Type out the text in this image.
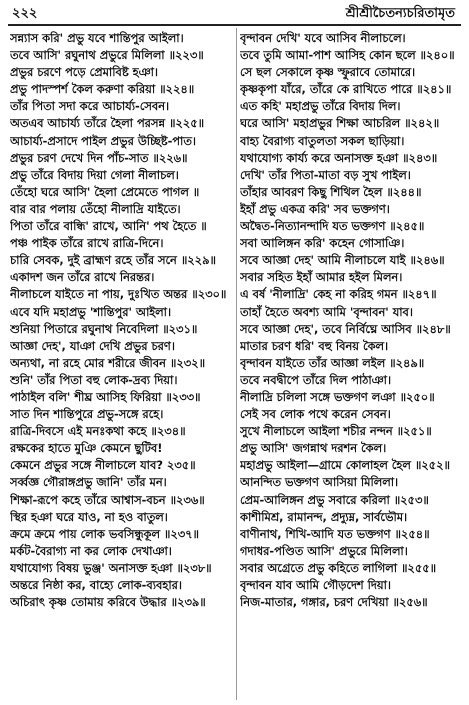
২২২	শ্রীশ্রীচৈতন্যচরিতামৃত
সন্ন্যাস করি' প্রভু যবে শান্তিপুর আইলা।
তবে আসি' রঘুনাথ প্রভুরে মিলিলা ॥২২৩॥
প্রভুর চরণে পড়ে প্রেমাবিষ্ট হঞা।
প্রভু পাদস্পর্শ কৈল করুণা করিয়া ॥২২৪॥
তাঁর পিতা সদা করে আচার্য্য-সেবন।
অতএব আচার্য্য তাঁরে হৈলা পরসন্ন ॥২২৫॥
আচার্য্য-প্রসাদে পাইল প্রভুর উচ্ছিষ্ট-পাত।
প্রভুর চরণ দেখে দিন পাঁচ-সাত ॥২২৬॥
প্রভু তাঁরে বিদায় দিয়া গেলা নীলাচল।
তেঁহো ঘরে আসি' হৈলা প্রেমেতে পাগল ॥
বার বার পলায় তেঁহো নীলাদ্রি যাইতে।
পিতা তাঁরে বান্ধি' রাখে, আনি' পথ হৈতে ॥
পঞ্চ পাইক তাঁরে রাখে রাত্রি-দিনে।
চারি সেবক, দুই ব্রাহ্মণ রহে তাঁর সনে ॥২২৯॥
একাদশ জন তাঁরে রাখে নিরন্তর।
নীলাচলে যাইতে না পায়, দুঃখিত অন্তর ॥২৩০॥
এবে যদি মহাপ্রভু 'শান্তিপুর' আইলা।
শুনিয়া পিতারে রঘুনাথ নিবেদিলা ॥২৩১॥
আজ্ঞা দেহ', যাঞা দেখি প্রভুর চরণ।
অন্যথা, না রহে মোর শরীরে জীবন ॥২৩২॥
শুনি' তাঁর পিতা বহু লোক-দ্রব্য দিয়া।
পাঠাইল বলি' শীঘ্র আসিহ ফিরিয়া ॥২৩৩॥
সাত দিন শান্তিপুরে প্রভু-সঙ্গে রহে।
রাত্রি-দিবসে এই মনঃকথা কহে ॥২৩৪॥
রক্ষকের হাতে মুঞি কেমনে ছুটিব!
কেমনে প্রভুর সঙ্গে নীলাচলে যাব? ২৩৫॥
সর্ব্বজ্ঞ গৌরাঙ্গপ্রভু জানি' তাঁর মন।
শিক্ষা-রূপে কহে তাঁরে আশ্বাস-বচন ॥২৩৬॥
স্থির হঞা ঘরে যাও, না হও বাতুল।
ক্রমে ক্রমে পায় লোক ভবসিন্ধুকূল ॥২৩৭॥
মর্কট-বৈরাগ্য না কর লোক দেখাঞা।
যথাযোগ্য বিষয় ভুঞ্জ' অনাসক্ত হঞা ॥২৩৮॥
অন্তরে নিষ্ঠা কর, বাহ্যে লোক-ব্যবহার।
অচিরাৎ কৃষ্ণ তোমায় করিবে উদ্ধার ॥২৩৯॥
বৃন্দাবন দেখি' যবে আসিব নীলাচলে।
তবে তুমি আমা-পাশ আসিহ কোন ছলে ॥২৪০॥
সে ছল সেকালে কৃষ্ণ স্ফুরাবে তোমারে।
কৃষ্ণকৃপা যাঁরে, তাঁরে কে রাখিতে পারে ॥২৪১॥
এত কহি' মহাপ্রভু তাঁরে বিদায় দিল।
ঘরে আসি' মহাপ্রভুর শিক্ষা আচরিল ॥২৪২॥
বাহ্য বৈরাগ্য বাতুলতা সকল ছাড়িয়া।
যথাযোগ্য কার্য্য করে অনাসক্ত হঞা ॥২৪৩॥
দেখি' তাঁর পিতা-মাতা বড় সুখ পাইল।
তাঁহার আবরণ কিছু শিথিল হৈল ॥২৪৪॥
ইহাঁ প্রভু একত্র করি' সব ভক্তগণ।
অদ্বৈত-নিত্যানন্দাদি যত ভক্তগণ ॥২৪৫॥
সবা আলিঙ্গন করি' কহেন গোসাঞি।
সবে আজ্ঞা দেহ' আমি নীলাচলে যাই ॥২৪৬॥
সবার সহিত ইহাঁ আমার হইল মিলন।
এ বর্ষ 'নীলাদ্রি' কেহ না করিহ গমন ॥২৪৭॥
তাহাঁ হৈতে অবশ্য আমি 'বৃন্দাবন' যাব।
সবে আজ্ঞা দেহ', তবে নির্বিঘ্নে আসিব ॥২৪৮॥
মাতার চরণ ধরি' বহু বিনয় কৈল।
বৃন্দাবন যাইতে তাঁর আজ্ঞা লইল ॥২৪৯॥
তবে নবদ্বীপে তাঁরে দিল পাঠাঞা।
নীলাদ্রি চলিলা সঙ্গে ভক্তগণ লঞা ॥২৫০॥
সেই সব লোক পথে করেন সেবন।
সুখে নীলাচলে আইলা শচীর নন্দন ॥২৫১॥
প্রভু আসি' জগন্নাথ দরশন কৈল।
মহাপ্রভু আইলা—গ্রামে কোলাহল হৈল ॥২৫২॥
আনন্দিত ভক্তগণ আসিয়া মিলিলা।
প্রেম-আলিঙ্গন প্রভু সবারে করিলা ॥২৫৩॥
কাশীমিশ্র, রামানন্দ, প্রদ্যুম্ন, সার্বভৌম।
বাণীনাথ, শিখি-আদি যত ভক্তগণ ॥২৫৪॥
গদাধর-পণ্ডিত আসি' প্রভুরে মিলিলা।
সবার অগ্রেতে প্রভু কহিতে লাগিলা ॥২৫৫॥
বৃন্দাবন যাব আমি গৌড়দেশ দিয়া।
নিজ-মাতার, গঙ্গার, চরণ দেখিয়া ॥২৫৬॥
